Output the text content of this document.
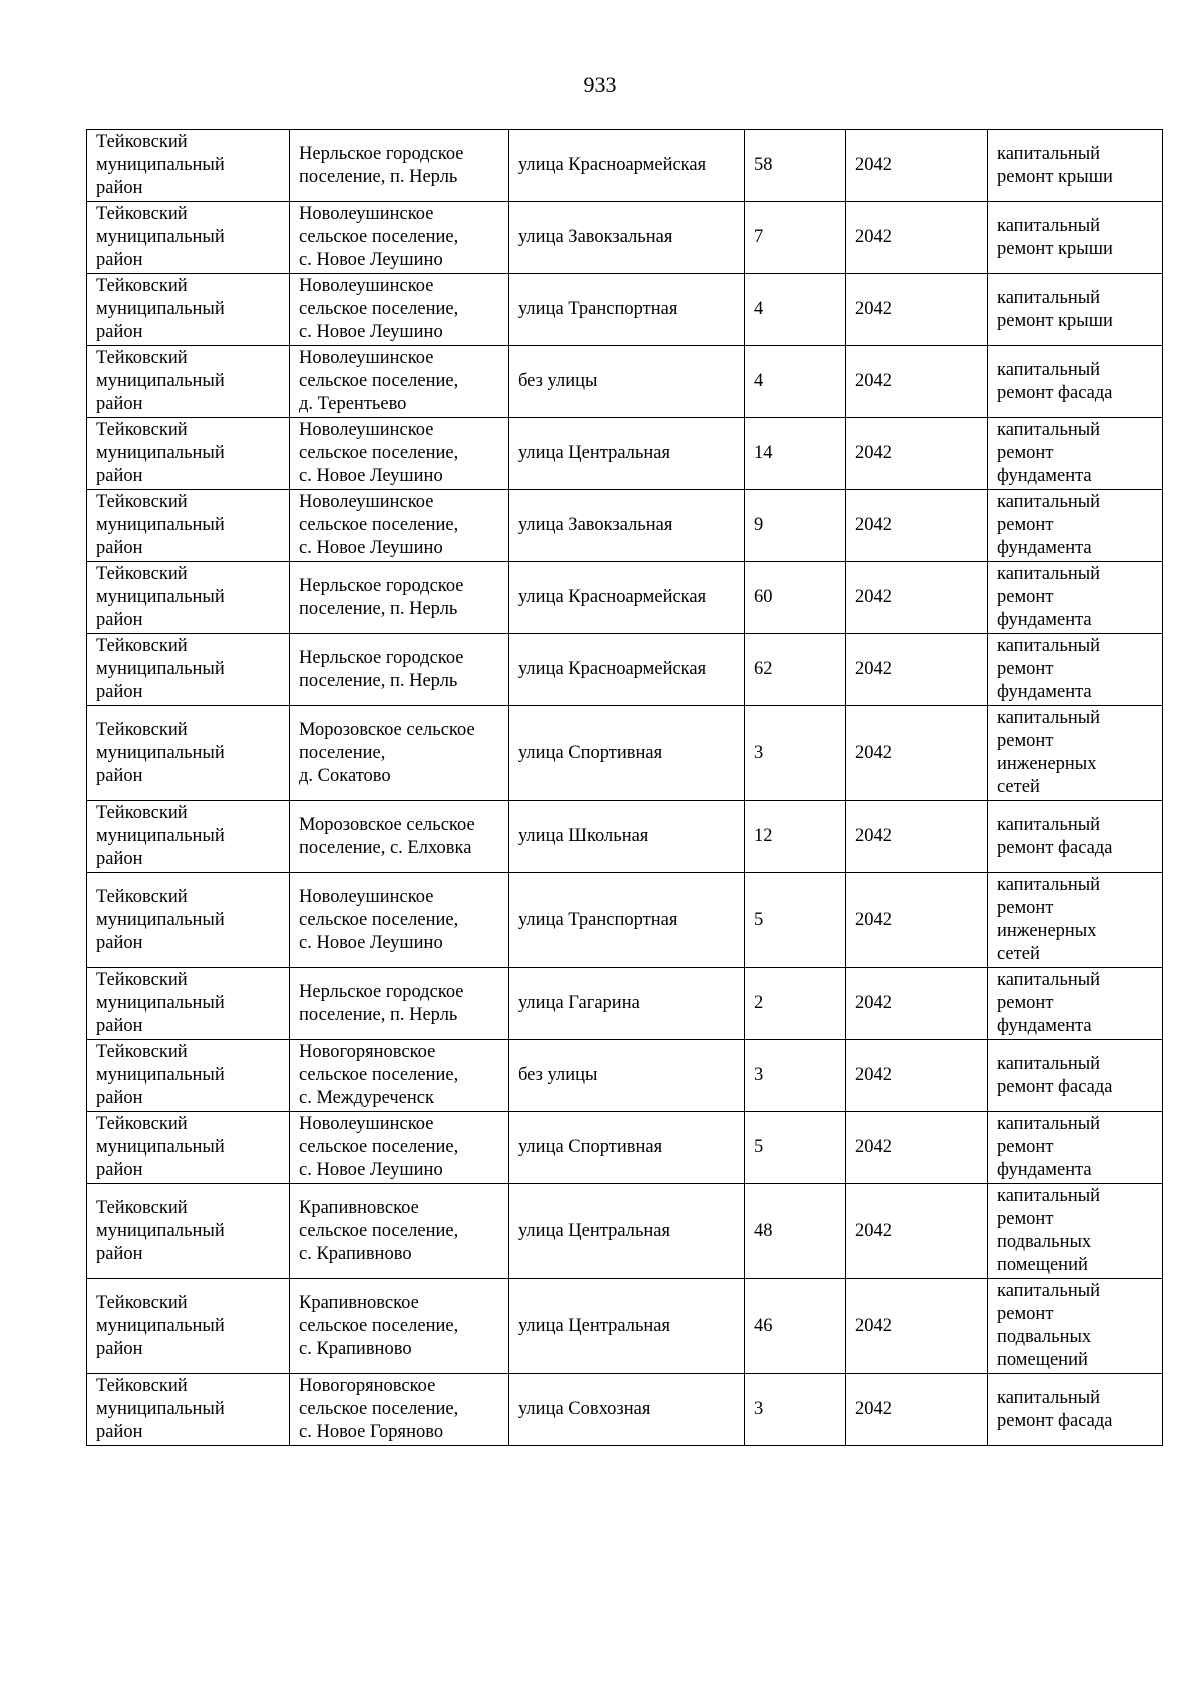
933
Тейковский
муниципальный
район	Нерльское городское
поселение, п. Нерль	улица Красноармейская	58	2042	капитальный
ремонт крыши

Тейковский
муниципальный
район	Новолеушинское
сельское поселение,
с. Новое Леушино	улица Завокзальная	7	2042	капитальный
ремонт крыши

Тейковский
муниципальный
район	Новолеушинское
сельское поселение,
с. Новое Леушино	улица Транспортная	4	2042	капитальный
ремонт крыши

Тейковский
муниципальный
район	Новолеушинское
сельское поселение,
д. Терентьево	без улицы	4	2042	капитальный
ремонт фасада

Тейковский
муниципальный
район	Новолеушинское
сельское поселение,
с. Новое Леушино	улица Центральная	14	2042	капитальный
ремонт
фундамента

Тейковский
муниципальный
район	Новолеушинское
сельское поселение,
с. Новое Леушино	улица Завокзальная	9	2042	капитальный
ремонт
фундамента

Тейковский
муниципальный
район	Нерльское городское
поселение, п. Нерль	улица Красноармейская	60	2042	капитальный
ремонт
фундамента

Тейковский
муниципальный
район	Нерльское городское
поселение, п. Нерль	улица Красноармейская	62	2042	капитальный
ремонт
фундамента

Тейковский
муниципальный
район	Морозовское сельское
поселение,
д. Сокатово	улица Спортивная	3	2042	капитальный
ремонт
инженерных
сетей

Тейковский
муниципальный
район	Морозовское сельское
поселение, с. Елховка	улица Школьная	12	2042	капитальный
ремонт фасада

Тейковский
муниципальный
район	Новолеушинское
сельское поселение,
с. Новое Леушино	улица Транспортная	5	2042	капитальный
ремонт
инженерных
сетей

Тейковский
муниципальный
район	Нерльское городское
поселение, п. Нерль	улица Гагарина	2	2042	капитальный
ремонт
фундамента

Тейковский
муниципальный
район	Новогоряновское
сельское поселение,
с. Междуреченск	без улицы	3	2042	капитальный
ремонт фасада

Тейковский
муниципальный
район	Новолеушинское
сельское поселение,
с. Новое Леушино	улица Спортивная	5	2042	капитальный
ремонт
фундамента

Тейковский
муниципальный
район	Крапивновское
сельское поселение,
с. Крапивново	улица Центральная	48	2042	капитальный
ремонт
подвальных
помещений

Тейковский
муниципальный
район	Крапивновское
сельское поселение,
с. Крапивново	улица Центральная	46	2042	капитальный
ремонт
подвальных
помещений

Тейковский
муниципальный
район	Новогоряновское
сельское поселение,
с. Новое Горяново	улица Совхозная	3	2042	капитальный
ремонт фасада
